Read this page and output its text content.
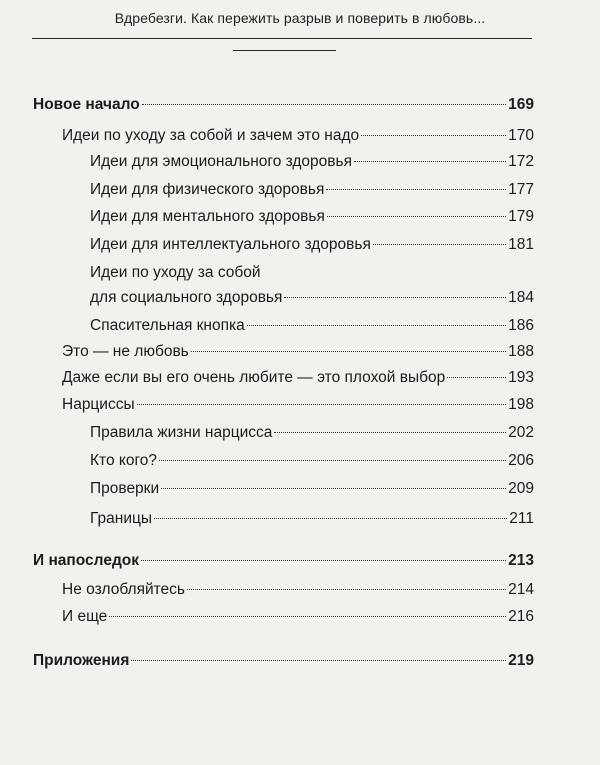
Вдребезги. Как пережить разрыв и поверить в любовь...
Новое начало	169
Идеи по уходу за собой и зачем это надо	170
Идеи для эмоционального здоровья	172
Идеи для физического здоровья	177
Идеи для ментального здоровья	179
Идеи для интеллектуального здоровья	181
Идеи по уходу за собой
для социального здоровья	184
Спасительная кнопка	186
Это — не любовь	188
Даже если вы его очень любите — это плохой выбор	193
Нарциссы	198
Правила жизни нарцисса	202
Кто кого?	206
Проверки	209
Границы	211
И напоследок	213
Не озлобляйтесь	214
И еще	216
Приложения	219
